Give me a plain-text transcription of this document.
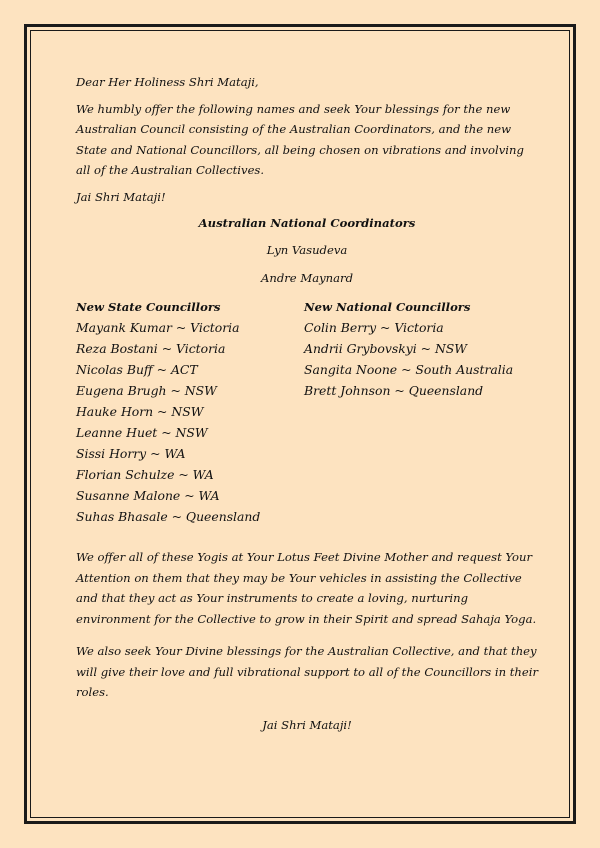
Dear Her Holiness Shri Mataji,

We humbly offer the following names and seek Your blessings for the new Australian Council consisting of the Australian Coordinators, and the new State and National Councillors, all being chosen on vibrations and involving all of the Australian Collectives.

Jai Shri Mataji!

Australian National Coordinators

Lyn Vasudeva

Andre Maynard

New State Councillors

Mayank Kumar ~ Victoria
Reza Bostani ~ Victoria
Nicolas Buff ~ ACT
Eugena Brugh ~ NSW
Hauke Horn ~ NSW
Leanne Huet ~ NSW
Sissi Horry ~ WA
Florian Schulze ~ WA
Susanne Malone ~ WA
Suhas Bhasale ~ Queensland

New National Councillors

Colin Berry ~ Victoria
Andrii Grybovskyi ~ NSW
Sangita Noone ~ South Australia
Brett Johnson ~ Queensland

We offer all of these Yogis at Your Lotus Feet Divine Mother and request Your Attention on them that they may be Your vehicles in assisting the Collective and that they act as Your instruments to create a loving, nurturing environment for the Collective to grow in their Spirit and spread Sahaja Yoga.

We also seek Your Divine blessings for the Australian Collective, and that they will give their love and full vibrational support to all of the Councillors in their roles.

Jai Shri Mataji!
